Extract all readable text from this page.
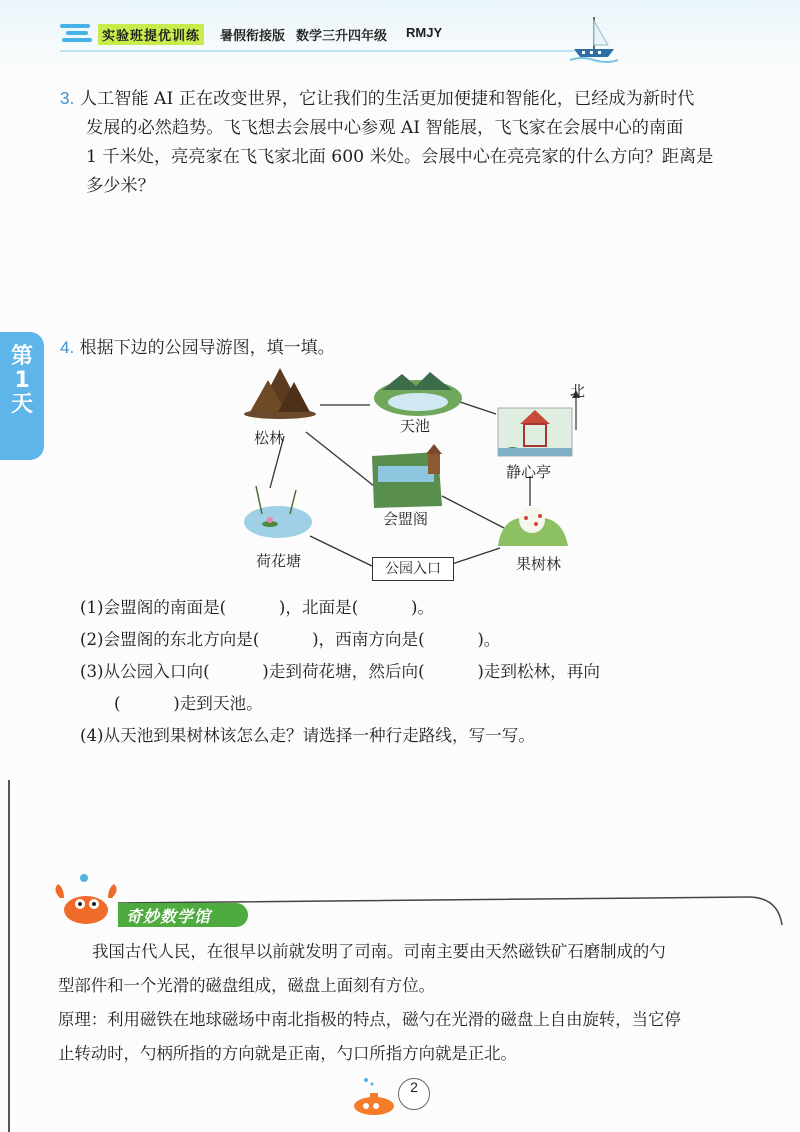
实验班提优训练	暑假衔接版 数学三升四年级 RMJY
第
1
天
3. 人工智能 AI 正在改变世界，它让我们的生活更加便捷和智能化，已经成为新时代
发展的必然趋势。飞飞想去会展中心参观 AI 智能展，飞飞家在会展中心的南面
1 千米处，亮亮家在飞飞家北面 600 米处。会展中心在亮亮家的什么方向？距离是
多少米？
4. 根据下边的公园导游图，填一填。
松林
天池
静心亭
北
会盟阁
荷花塘	果树林
公园入口
(1)会盟阁的南面是(          )，北面是(          )。
(2)会盟阁的东北方向是(          )，西南方向是(          )。
(3)从公园入口向(          )走到荷花塘，然后向(          )走到松林，再向
(          )走到天池。
(4)从天池到果树林该怎么走？请选择一种行走路线，写一写。
奇妙数学馆
我国古代人民，在很早以前就发明了司南。司南主要由天然磁铁矿石磨制成的勺
型部件和一个光滑的磁盘组成，磁盘上面刻有方位。
原理：利用磁铁在地球磁场中南北指极的特点，磁勺在光滑的磁盘上自由旋转，当它停
止转动时，勺柄所指的方向就是正南，勺口所指方向就是正北。
2
